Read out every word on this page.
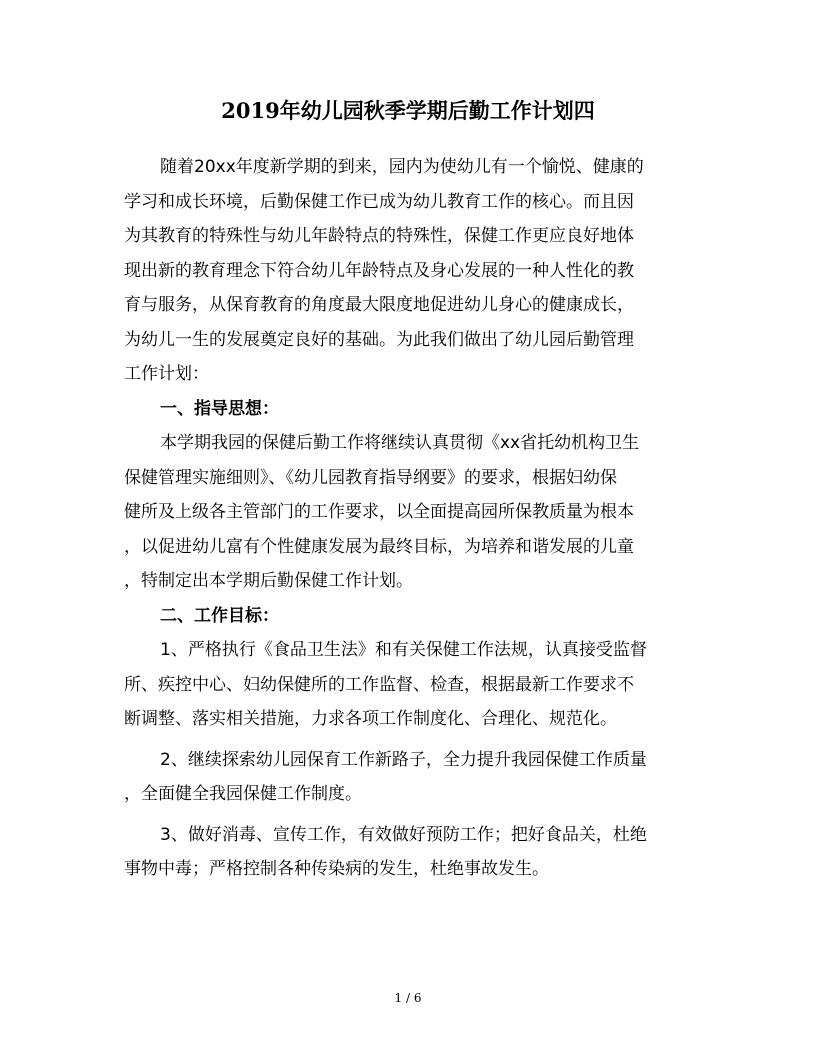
2019年幼儿园秋季学期后勤工作计划四
随着20xx年度新学期的到来，园内为使幼儿有一个愉悦、健康的
学习和成长环境，后勤保健工作已成为幼儿教育工作的核心。而且因
为其教育的特殊性与幼儿年龄特点的特殊性，保健工作更应良好地体
现出新的教育理念下符合幼儿年龄特点及身心发展的一种人性化的教
育与服务，从保育教育的角度最大限度地促进幼儿身心的健康成长，
为幼儿一生的发展奠定良好的基础。为此我们做出了幼儿园后勤管理
工作计划：
一、指导思想：
本学期我园的保健后勤工作将继续认真贯彻《xx省托幼机构卫生
保健管理实施细则》、《幼儿园教育指导纲要》的要求，根据妇幼保
健所及上级各主管部门的工作要求，以全面提高园所保教质量为根本
，以促进幼儿富有个性健康发展为最终目标，为培养和谐发展的儿童
，特制定出本学期后勤保健工作计划。
二、工作目标：
1、严格执行《食品卫生法》和有关保健工作法规，认真接受监督
所、疾控中心、妇幼保健所的工作监督、检查，根据最新工作要求不
断调整、落实相关措施，力求各项工作制度化、合理化、规范化。
2、继续探索幼儿园保育工作新路子，全力提升我园保健工作质量
，全面健全我园保健工作制度。
3、做好消毒、宣传工作，有效做好预防工作；把好食品关，杜绝
事物中毒；严格控制各种传染病的发生，杜绝事故发生。
1 / 6
